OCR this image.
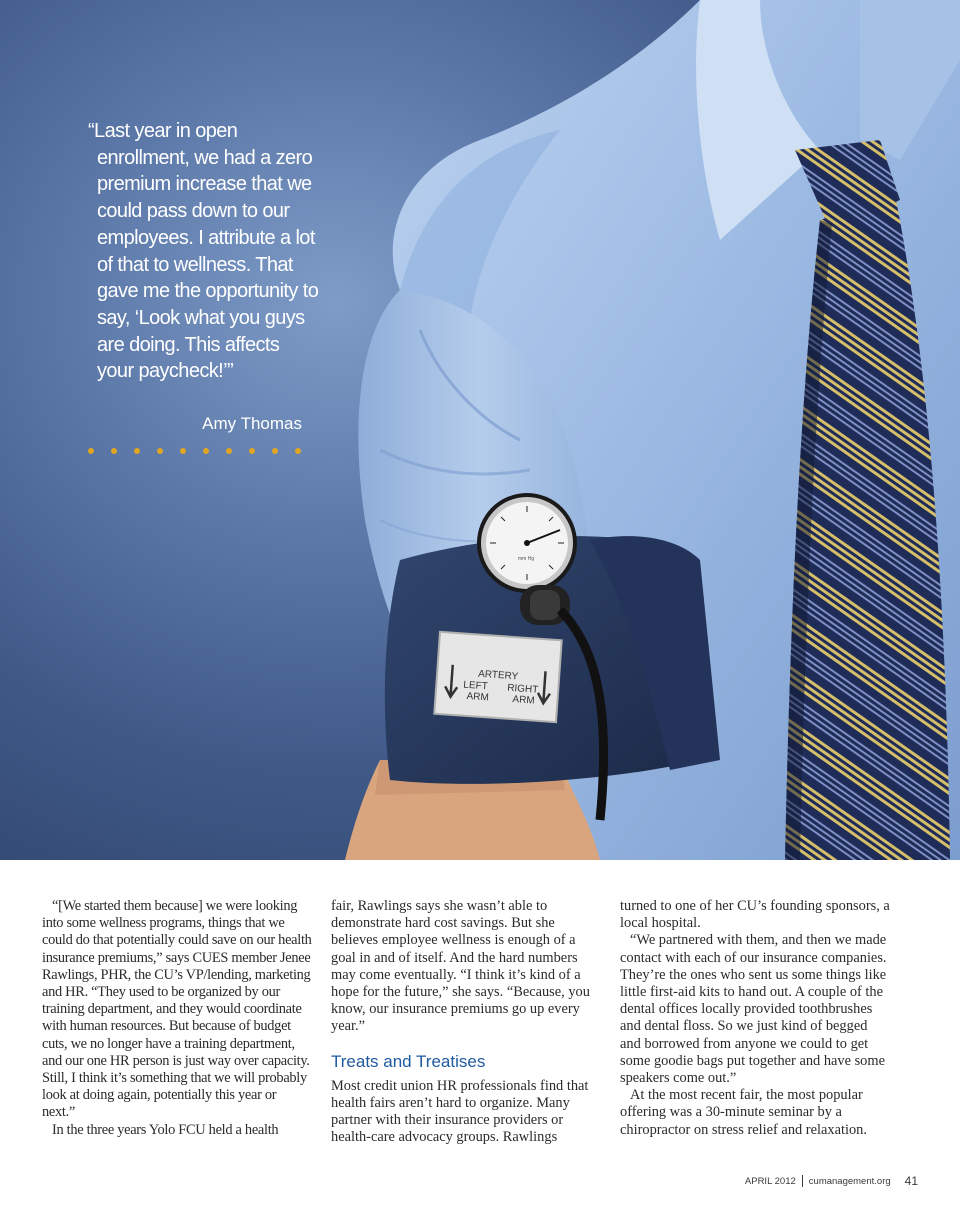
ARTERY
LEFT
ARM
RIGHT
ARM
mm Hg
“Last year in open enrollment, we had a zero premium increase that we could pass down to our employees. I attribute a lot of that to wellness. That gave me the opportunity to say, ‘Look what you guys are doing. This affects your paycheck!’”
Amy Thomas

“[We started them because] we were looking into some wellness programs, things that we could do that potentially could save on our health insurance premiums,” says CUES member Jenee Rawlings, PHR, the CU’s VP/lending, marketing and HR. “They used to be organized by our training department, and they would coordinate with human resources. But because of budget cuts, we no longer have a training department, and our one HR person is just way over capacity. Still, I think it’s something that we will probably look at doing again, potentially this year or next.”

In the three years Yolo FCU held a health

fair, Rawlings says she wasn’t able to demonstrate hard cost savings. But she believes employee wellness is enough of a goal in and of itself. And the hard numbers may come eventually. “I think it’s kind of a hope for the future,” she says. “Because, you know, our insurance premiums go up every year.”

Treats and Treatises

Most credit union HR professionals find that health fairs aren’t hard to organize. Many partner with their insurance providers or health-care advocacy groups. Rawlings

turned to one of her CU’s founding sponsors, a local hospital.

“We partnered with them, and then we made contact with each of our insurance companies. They’re the ones who sent us some things like little first-aid kits to hand out. A couple of the dental offices locally provided toothbrushes and dental floss. So we just kind of begged and borrowed from anyone we could to get some goodie bags put together and have some speakers come out.”

At the most recent fair, the most popular offering was a 30-minute seminar by a chiropractor on stress relief and relaxation.

APRIL 2012 cumanagement.org 41
